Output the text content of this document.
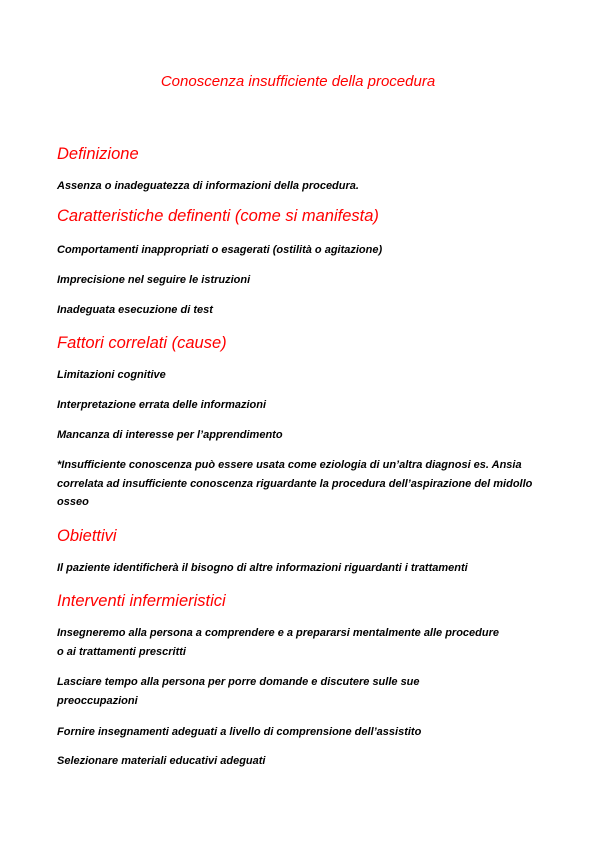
Conoscenza insufficiente della procedura
Definizione

Assenza o inadeguatezza di informazioni della procedura.

Caratteristiche definenti (come si manifesta)

Comportamenti inappropriati o esagerati (ostilità o agitazione)

Imprecisione nel seguire le istruzioni

Inadeguata esecuzione di test

Fattori correlati (cause)

Limitazioni cognitive

Interpretazione errata delle informazioni

Mancanza di interesse per l’apprendimento

*Insufficiente conoscenza può essere usata come eziologia di un’altra diagnosi es. Ansia correlata ad insufficiente conoscenza riguardante la procedura dell’aspirazione del midollo osseo

Obiettivi

Il paziente identificherà il bisogno di altre informazioni riguardanti i trattamenti

Interventi infermieristici

Insegneremo alla persona a comprendere e a prepararsi mentalmente alle procedure o ai trattamenti prescritti

Lasciare tempo alla persona per porre domande e discutere sulle sue preoccupazioni

Fornire insegnamenti adeguati a livello di comprensione dell’assistito

Selezionare materiali educativi adeguati
